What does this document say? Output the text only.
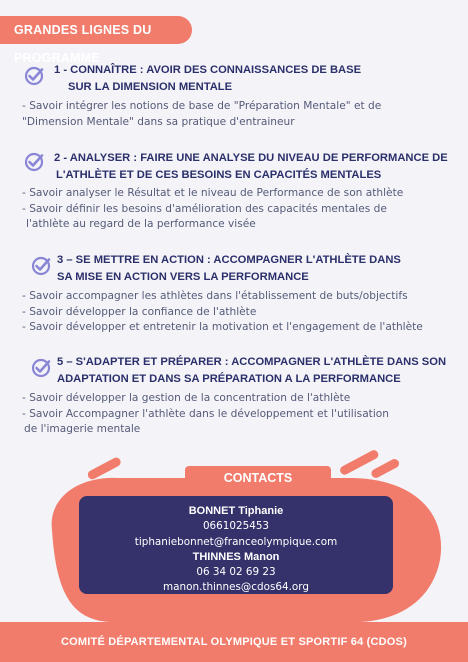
GRANDES LIGNES DU PROGRAMME
1 - CONNAÎTRE : AVOIR DES CONNAISSANCES DE BASE
SUR LA DIMENSION MENTALE
- Savoir intégrer les notions de base de "Préparation Mentale" et de
"Dimension Mentale" dans sa pratique d'entraineur
2 - ANALYSER : FAIRE UNE ANALYSE DU NIVEAU DE PERFORMANCE DE
L'ATHLÈTE ET DE CES BESOINS EN CAPACITÉS MENTALES
- Savoir analyser le Résultat et le niveau de Performance de son athlète
- Savoir définir les besoins d'amélioration des capacités mentales de
l'athlète au regard de la performance visée
3 – SE METTRE EN ACTION : ACCOMPAGNER L'ATHLÈTE DANS
SA MISE EN ACTION VERS LA PERFORMANCE
- Savoir accompagner les athlètes dans l'établissement de buts/objectifs
- Savoir développer la confiance de l'athlète
- Savoir développer et entretenir la motivation et l'engagement de l'athlète
5 – S'ADAPTER ET PRÉPARER : ACCOMPAGNER L'ATHLÈTE DANS SON
ADAPTATION ET DANS SA PRÉPARATION A LA PERFORMANCE
- Savoir développer la gestion de la concentration de l'athlète
- Savoir Accompagner l'athlète dans le développement et l'utilisation
de l'imagerie mentale
CONTACTS
BONNET Tiphanie
0661025453
tiphaniebonnet@franceolympique.com
THINNES Manon
06 34 02 69 23
manon.thinnes@cdos64.org
COMITÉ DÉPARTEMENTAL OLYMPIQUE ET SPORTIF 64 (CDOS)
